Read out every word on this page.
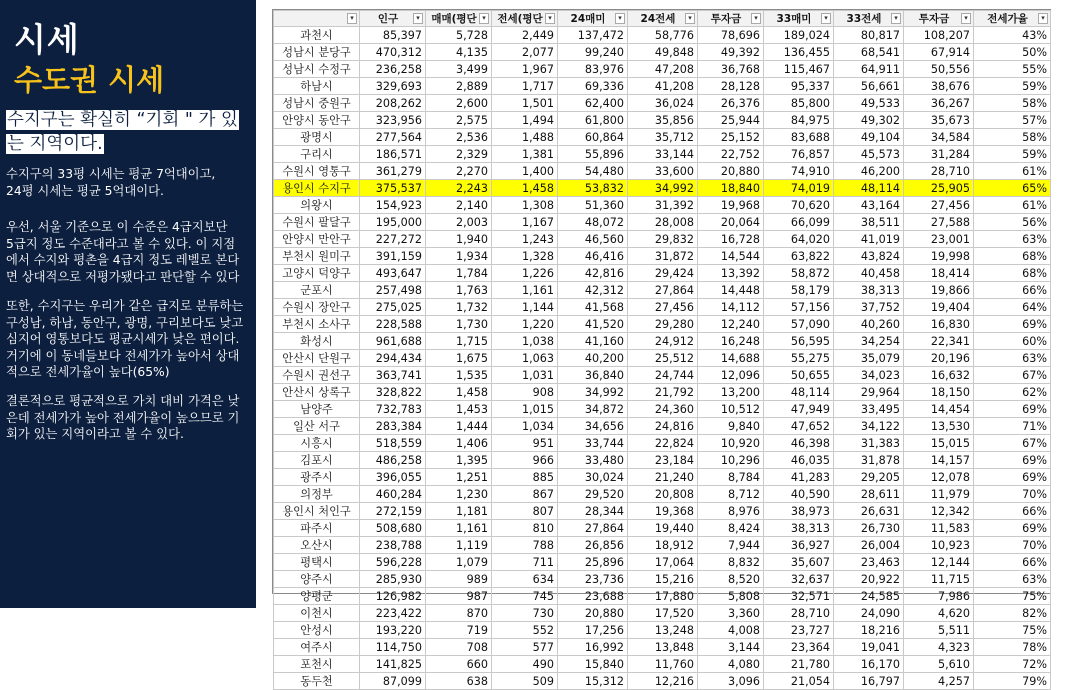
시세
수도권 시세
수지구는 확실히 “기회 " 가 있는 지역이다.
수지구의 33평 시세는 평균 7억대이고,
24평 시세는 평균 5억대이다.
우선, 서울 기준으로 이 수준은 4급지보단
5급지 정도 수준대라고 볼 수 있다. 이 지점
에서 수지와 평촌을 4급지 정도 레벨로 본다
면 상대적으로 저평가됐다고 판단할 수 있다
또한, 수지구는 우리가 같은 급지로 분류하는
구성남, 하남, 동안구, 광명, 구리보다도 낮고
심지어 영통보다도 평균시세가 낮은 편이다.
거기에 이 동네들보다 전세가가 높아서 상대
적으로 전세가율이 높다(65%)
결론적으로 평균적으로 가치 대비 가격은 낮
은데 전세가가 높아 전세가율이 높으므로 기
회가 있는 지역이라고 볼 수 있다.
▾	인구 ▾	매매(평단 ▾	전세(평단 ▾	24매미 ▾	24전세 ▾	투자금 ▾	33매미 ▾	33전세 ▾	투자금 ▾	전세가율 ▾

과천시	85,397	5,728	2,449	137,472	58,776	78,696	189,024	80,817	108,207	43%
성남시 분당구	470,312	4,135	2,077	99,240	49,848	49,392	136,455	68,541	67,914	50%
성남시 수정구	236,258	3,499	1,967	83,976	47,208	36,768	115,467	64,911	50,556	55%
하남시	329,693	2,889	1,717	69,336	41,208	28,128	95,337	56,661	38,676	59%
성남시 중원구	208,262	2,600	1,501	62,400	36,024	26,376	85,800	49,533	36,267	58%
안양시 동안구	323,956	2,575	1,494	61,800	35,856	25,944	84,975	49,302	35,673	57%
광명시	277,564	2,536	1,488	60,864	35,712	25,152	83,688	49,104	34,584	58%
구리시	186,571	2,329	1,381	55,896	33,144	22,752	76,857	45,573	31,284	59%
수원시 영통구	361,279	2,270	1,400	54,480	33,600	20,880	74,910	46,200	28,710	61%
용인시 수지구	375,537	2,243	1,458	53,832	34,992	18,840	74,019	48,114	25,905	65%
의왕시	154,923	2,140	1,308	51,360	31,392	19,968	70,620	43,164	27,456	61%
수원시 팔달구	195,000	2,003	1,167	48,072	28,008	20,064	66,099	38,511	27,588	56%
안양시 만안구	227,272	1,940	1,243	46,560	29,832	16,728	64,020	41,019	23,001	63%
부천시 원미구	391,159	1,934	1,328	46,416	31,872	14,544	63,822	43,824	19,998	68%
고양시 덕양구	493,647	1,784	1,226	42,816	29,424	13,392	58,872	40,458	18,414	68%
군포시	257,498	1,763	1,161	42,312	27,864	14,448	58,179	38,313	19,866	66%
수원시 장안구	275,025	1,732	1,144	41,568	27,456	14,112	57,156	37,752	19,404	64%
부천시 소사구	228,588	1,730	1,220	41,520	29,280	12,240	57,090	40,260	16,830	69%
화성시	961,688	1,715	1,038	41,160	24,912	16,248	56,595	34,254	22,341	60%
안산시 단원구	294,434	1,675	1,063	40,200	25,512	14,688	55,275	35,079	20,196	63%
수원시 권선구	363,741	1,535	1,031	36,840	24,744	12,096	50,655	34,023	16,632	67%
안산시 상록구	328,822	1,458	908	34,992	21,792	13,200	48,114	29,964	18,150	62%
남양주	732,783	1,453	1,015	34,872	24,360	10,512	47,949	33,495	14,454	69%
일산 서구	283,384	1,444	1,034	34,656	24,816	9,840	47,652	34,122	13,530	71%
시흥시	518,559	1,406	951	33,744	22,824	10,920	46,398	31,383	15,015	67%
김포시	486,258	1,395	966	33,480	23,184	10,296	46,035	31,878	14,157	69%
광주시	396,055	1,251	885	30,024	21,240	8,784	41,283	29,205	12,078	69%
의정부	460,284	1,230	867	29,520	20,808	8,712	40,590	28,611	11,979	70%
용인시 처인구	272,159	1,181	807	28,344	19,368	8,976	38,973	26,631	12,342	66%
파주시	508,680	1,161	810	27,864	19,440	8,424	38,313	26,730	11,583	69%
오산시	238,788	1,119	788	26,856	18,912	7,944	36,927	26,004	10,923	70%
평택시	596,228	1,079	711	25,896	17,064	8,832	35,607	23,463	12,144	66%
양주시	285,930	989	634	23,736	15,216	8,520	32,637	20,922	11,715	63%
양평군	126,982	987	745	23,688	17,880	5,808	32,571	24,585	7,986	75%
이천시	223,422	870	730	20,880	17,520	3,360	28,710	24,090	4,620	82%
안성시	193,220	719	552	17,256	13,248	4,008	23,727	18,216	5,511	75%
여주시	114,750	708	577	16,992	13,848	3,144	23,364	19,041	4,323	78%
포천시	141,825	660	490	15,840	11,760	4,080	21,780	16,170	5,610	72%
동두천	87,099	638	509	15,312	12,216	3,096	21,054	16,797	4,257	79%
